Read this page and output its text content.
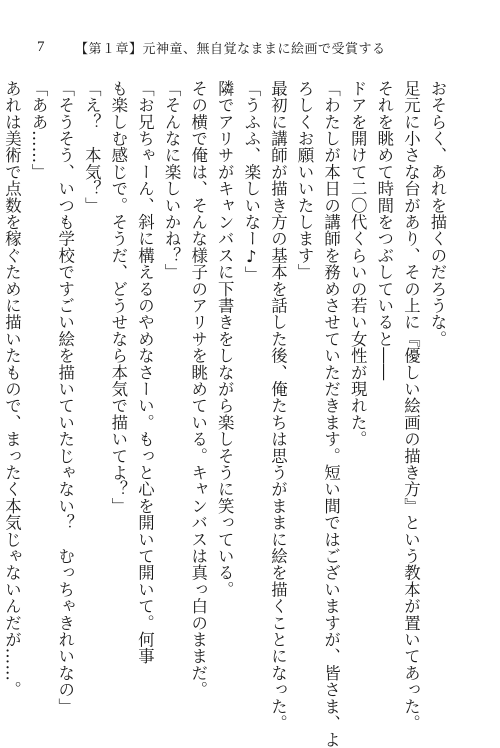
7	【第１章】元神童、無自覚なままに絵画で受賞する
おそらく、あれを描くのだろうな。
足元に小さな台があり、その上に『優しい絵画の描き方』という教本が置いてあった。
それを眺めて時間をつぶしていると――
ドアを開けて二〇代くらいの若い女性が現れた。
「わたしが本日の講師を務めさせていただきます。短い間ではございますが、皆さま、よ
ろしくお願いいたします」
最初に講師が描き方の基本を話した後、俺たちは思うがままに絵を描くことになった。
「うふふ、楽しいなー♪」
隣でアリサがキャンバスに下書きをしながら楽しそうに笑っている。
その横で俺は、そんな様子のアリサを眺めている。キャンバスは真っ白のままだ。
「そんなに楽しいかね？」
「お兄ちゃーん、斜に構えるのやめなさーい。もっと心を開いて開いて。何事
も楽しむ感じで。そうだ、どうせなら本気で描いてよ？」
「え？　本気？」
「そうそう、いつも学校ですごい絵を描いていたじゃない？　むっちゃきれいなの」
「ああ……」
あれは美術で点数を稼ぐために描いたもので、まったく本気じゃないんだが……。
